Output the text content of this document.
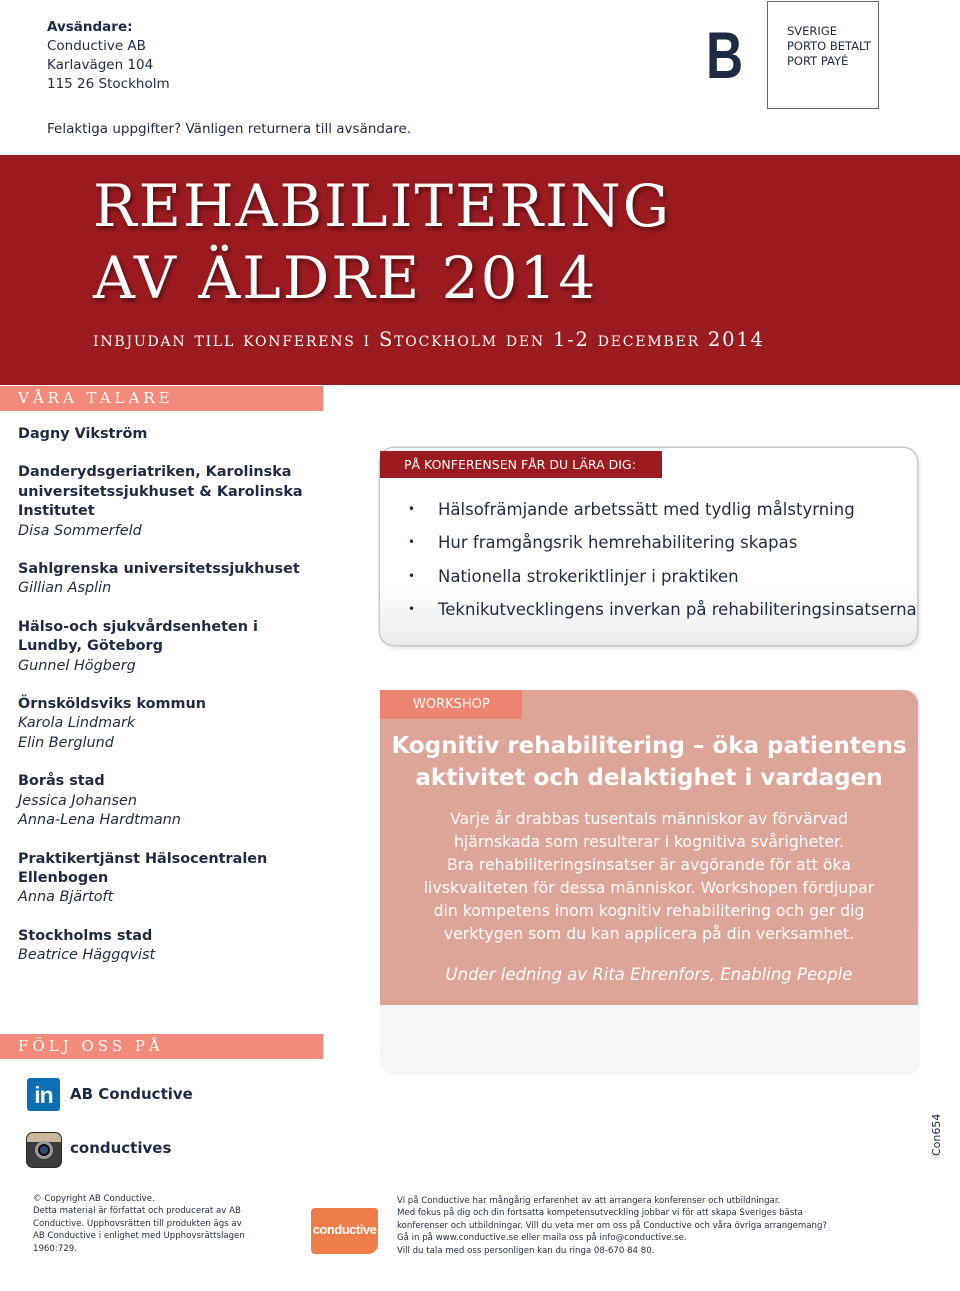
Avsändare:
Conductive AB
Karlavägen 104
115 26 Stockholm	B	SVERIGE
PORTO BETALT
PORT PAYÉ
Felaktiga uppgifter? Vänligen returnera till avsändare.
REHABILITERING
AV ÄLDRE 2014
inbjudan till konferens i Stockholm den 1-2 december 2014
VÅRA TALARE
Dagny Vikström
Danderydsgeriatriken, Karolinska universitetssjukhuset & Karolinska Institutet
Disa Sommerfeld
Sahlgrenska universitetssjukhuset
Gillian Asplin
Hälso-och sjukvårdsenheten i Lundby, Göteborg
Gunnel Högberg
Örnsköldsviks kommun
Karola Lindmark
Elin Berglund
Borås stad
Jessica Johansen
Anna-Lena Hardtmann
Praktikertjänst Hälsocentralen Ellenbogen
Anna Bjärtoft
Stockholms stad
Beatrice Häggqvist
PÅ KONFERENSEN FÅR DU LÄRA DIG:
• Hälsofrämjande arbetssätt med tydlig målstyrning
• Hur framgångsrik hemrehabilitering skapas
• Nationella strokeriktlinjer i praktiken
• Teknikutvecklingens inverkan på rehabiliteringsinsatserna
WORKSHOP
Kognitiv rehabilitering – öka patientens
aktivitet och delaktighet i vardagen
Varje år drabbas tusentals människor av förvärvad
hjärnskada som resulterar i kognitiva svårigheter.
Bra rehabiliteringsinsatser är avgörande för att öka
livskvaliteten för dessa människor. Workshopen fördjupar
din kompetens inom kognitiv rehabilitering och ger dig
verktygen som du kan applicera på din verksamhet.
Under ledning av Rita Ehrenfors, Enabling People
FÖLJ OSS PÅ
in	AB Conductive
conductives
© Copyright AB Conductive.
Detta material är författat och producerat av AB
Conductive. Upphovsrätten till produkten ägs av
AB Conductive i enlighet med Upphovsrättslagen
1960:729.
conductive
Vi på Conductive har mångårig erfarenhet av att arrangera konferenser och utbildningar.
Med fokus på dig och din fortsatta kompetensutveckling jobbar vi för att skapa Sveriges bästa
konferenser och utbildningar. Vill du veta mer om oss på Conductive och våra övriga arrangemang?
Gå in på www.conductive.se eller maila oss på info@conductive.se.
Vill du tala med oss personligen kan du ringa 08-670 84 80.
Con654
